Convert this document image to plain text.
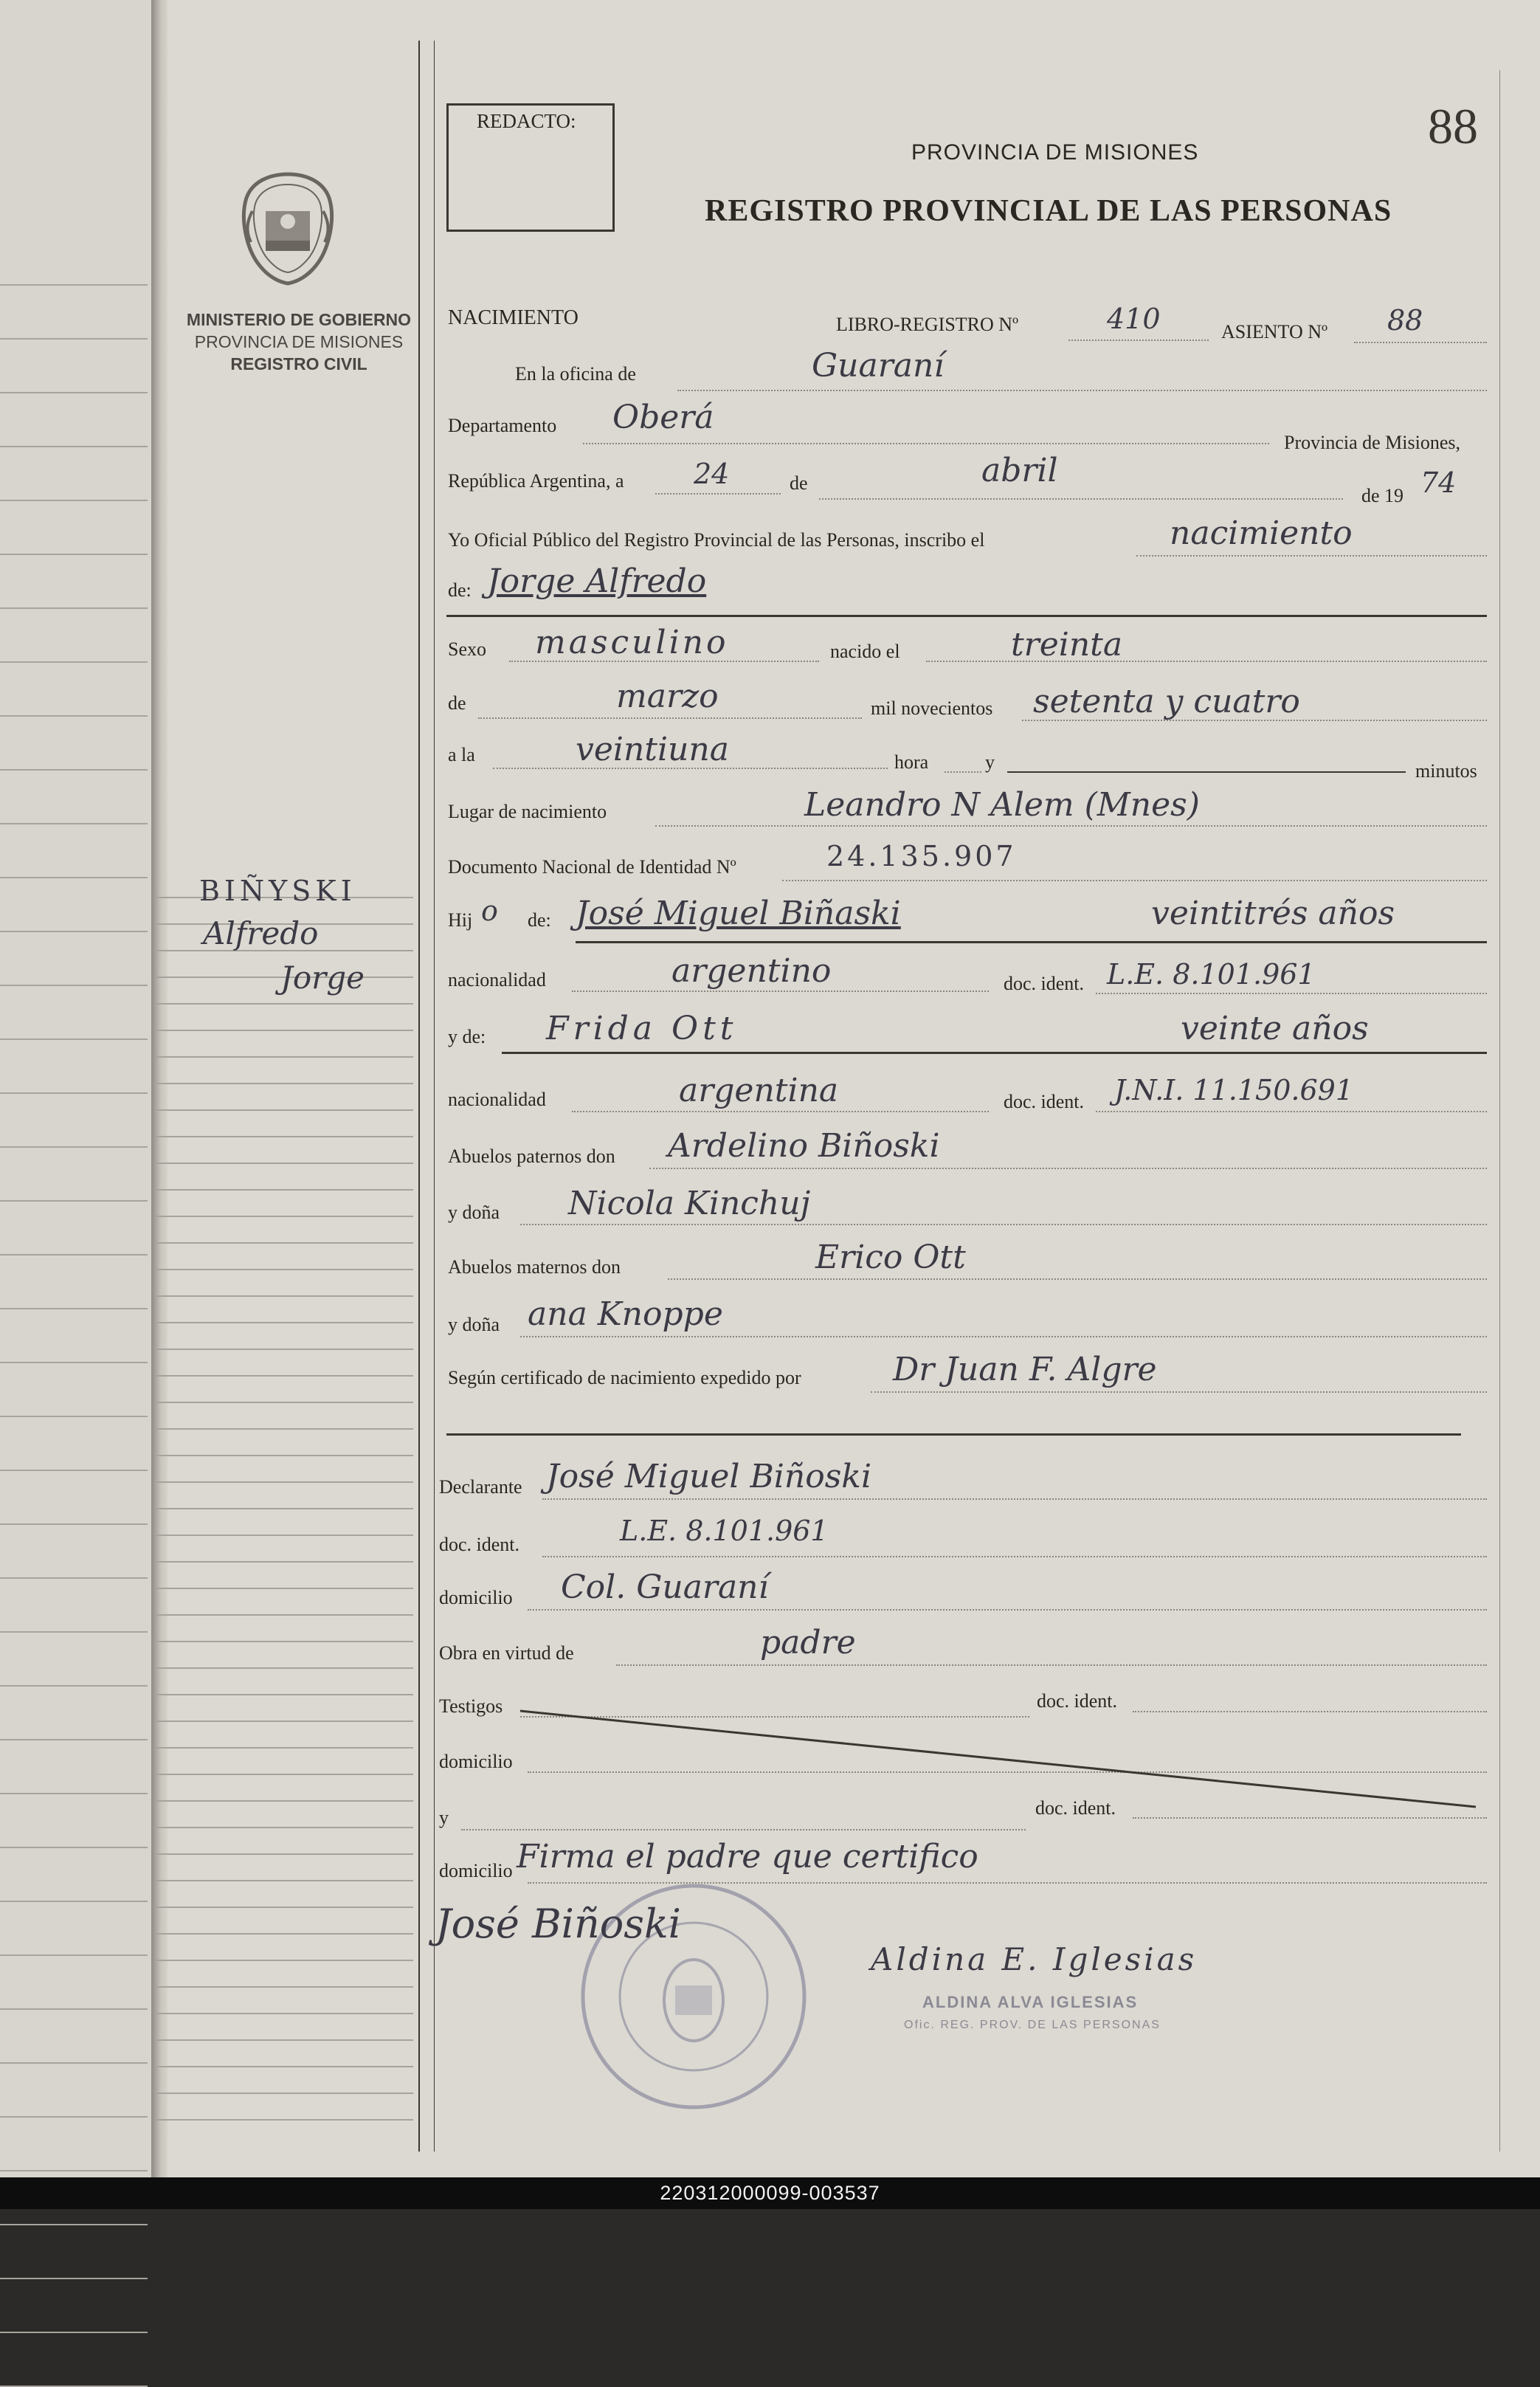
MINISTERIO DE GOBIERNO
PROVINCIA DE MISIONES
REGISTRO CIVIL
REDACTO:	88
PROVINCIA DE MISIONES
REGISTRO PROVINCIAL DE LAS PERSONAS
BIÑYSKI
Alfredo
Jorge
NACIMIENTO	LIBRO-REGISTRO Nº	410	ASIENTO Nº 88
En la oficina de	Guaraní
Departamento Oberá
Provincia de Misiones,
República Argentina, a 24	de	abril
de 19 74
Yo Oficial Público del Registro Provincial de las Personas, inscribo el	nacimiento
de: Jorge Alfredo
Sexo masculino	nacido el	treinta
de	marzo	mil novecientos setenta y cuatro
a la	veintiuna	hora	y	minutos
Lugar de nacimiento	Leandro N Alem (Mnes)
Documento Nacional de Identidad Nº	24.135.907
Hij o de: José Miguel Biñaski	veintitrés años
nacionalidad	argentino	doc. ident. L.E. 8.101.961
y de: Frida Ott	veinte años
nacionalidad	argentina	doc. ident. J.N.I. 11.150.691
Abuelos paternos don Ardelino Biñoski
y doña Nicola Kinchuj
Abuelos maternos don	Erico Ott
y doña ana Knoppe
Según certificado de nacimiento expedido por	Dr Juan F. Algre
Declarante José Miguel Biñoski
doc. ident.	L.E. 8.101.961
domicilio Col. Guaraní
Obra en virtud de	padre
Testigos	doc. ident.
domicilio
y	doc. ident.
domicilio Firma el padre que certifico
José Biñoski
Aldina E. Iglesias
ALDINA ALVA IGLESIAS
Ofic. REG. PROV. DE LAS PERSONAS
220312000099-003537
